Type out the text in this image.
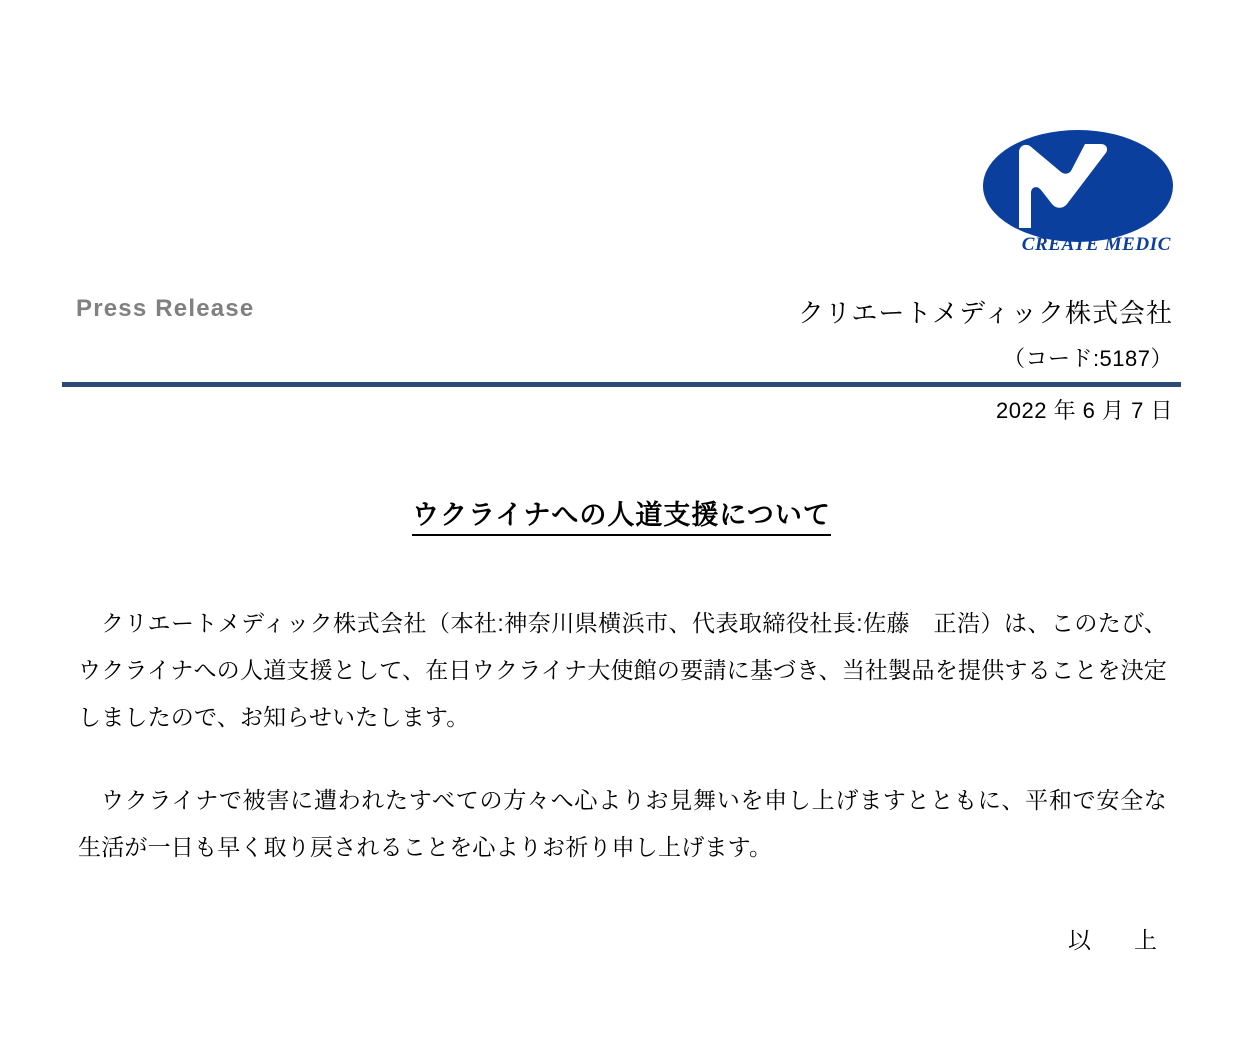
CREATE MEDIC
Press Release	クリエートメディック株式会社
（コード:5187）
2022 年 6 月 7 日
ウクライナへの人道支援について

クリエートメディック株式会社（本社:神奈川県横浜市、代表取締役社長:佐藤　正浩）は、このたび、ウクライナへの人道支援として、在日ウクライナ大使館の要請に基づき、当社製品を提供することを決定しましたので、お知らせいたします。

ウクライナで被害に遭われたすべての方々へ心よりお見舞いを申し上げますとともに、平和で安全な生活が一日も早く取り戻されることを心よりお祈り申し上げます。

以　上
